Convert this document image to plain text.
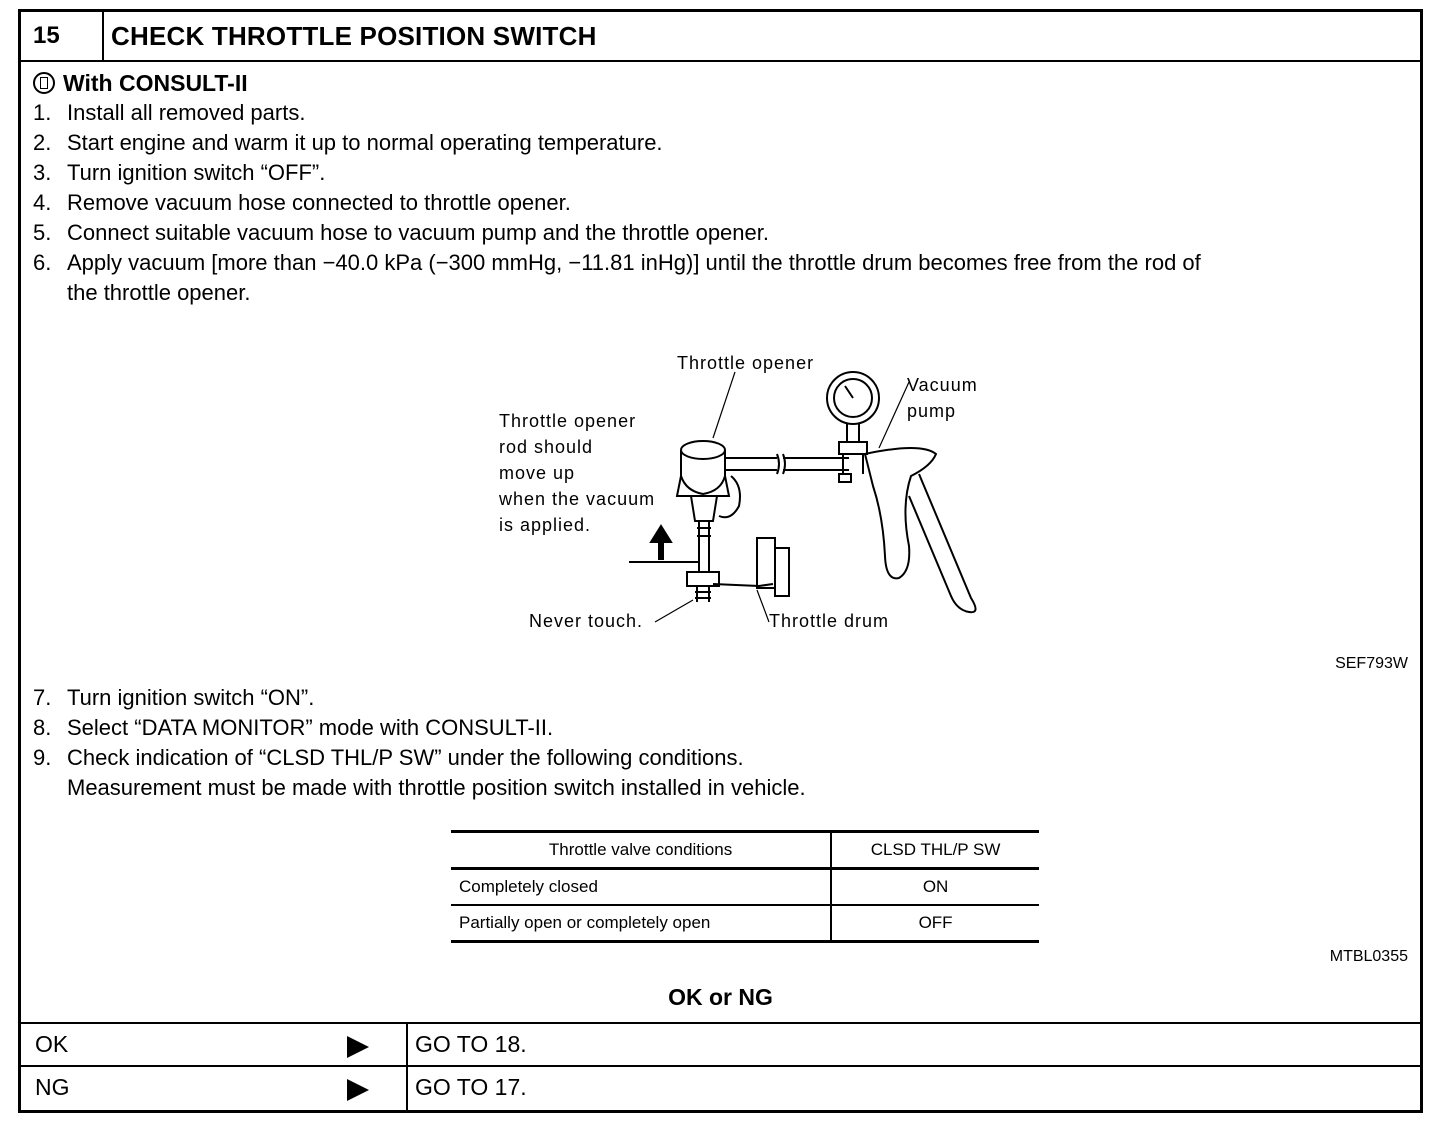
15	CHECK THROTTLE POSITION SWITCH
With CONSULT-II
1. Install all removed parts.
2. Start engine and warm it up to normal operating temperature.
3. Turn ignition switch “OFF”.
4. Remove vacuum hose connected to throttle opener.
5. Connect suitable vacuum hose to vacuum pump and the throttle opener.
6. Apply vacuum [more than −40.0 kPa (−300 mmHg, −11.81 inHg)] until the throttle drum becomes free from the rod of
the throttle opener.
Throttle opener
Vacuum
pump
Throttle opener
rod should
move up
when the vacuum
is applied.
Never touch.	Throttle drum
SEF793W
7. Turn ignition switch “ON”.
8. Select “DATA MONITOR” mode with CONSULT-II.
9. Check indication of “CLSD THL/P SW” under the following conditions.
Measurement must be made with throttle position switch installed in vehicle.
Throttle valve conditions	CLSD THL/P SW
Completely closed	ON
Partially open or completely open	OFF
MTBL0355
OK or NG
OK	GO TO 18.
NG	GO TO 17.
